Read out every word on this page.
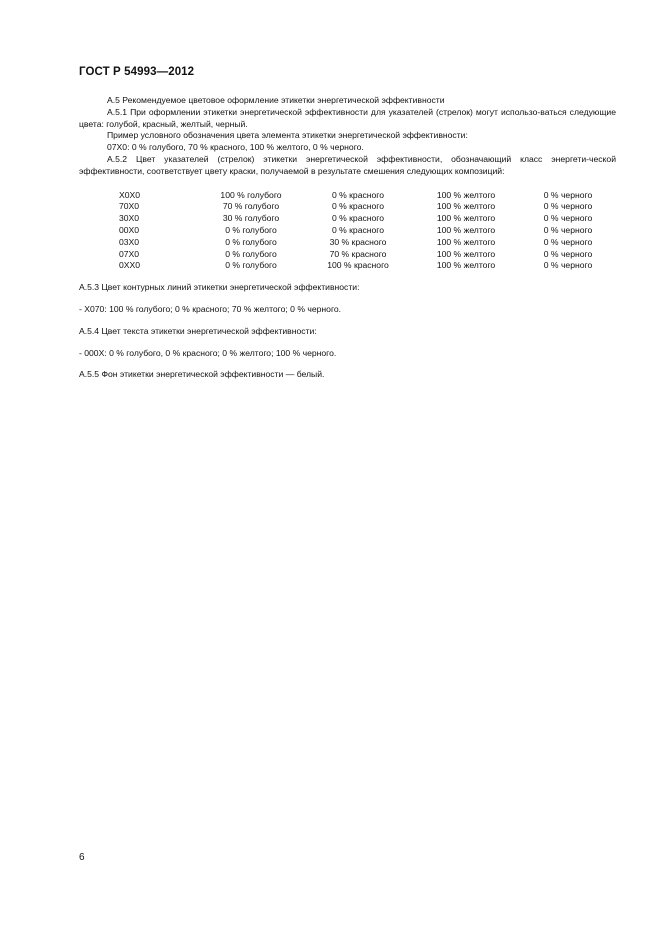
ГОСТ Р 54993—2012

А.5 Рекомендуемое цветовое оформление этикетки энергетической эффективности

А.5.1 При оформлении этикетки энергетической эффективности для указателей (стрелок) могут использо-ваться следующие цвета: голубой, красный, желтый, черный.

Пример условного обозначения цвета элемента этикетки энергетической эффективности:

07Х0: 0 % голубого, 70 % красного, 100 % желтого, 0 % черного.

А.5.2 Цвет указателей (стрелок) этикетки энергетической эффективности, обозначающий класс энергети-ческой эффективности, соответствует цвету краски, получаемой в результате смешения следующих композиций:

Х0Х0	100 % голубого	0 % красного	100 % желтого	0 % черного
70Х0	70 % голубого	0 % красного	100 % желтого	0 % черного
30Х0	30 % голубого	0 % красного	100 % желтого	0 % черного
00Х0	0 % голубого	0 % красного	100 % желтого	0 % черного
03Х0	0 % голубого	30 % красного	100 % желтого	0 % черного
07Х0	0 % голубого	70 % красного	100 % желтого	0 % черного
0ХХ0	0 % голубого	100 % красного	100 % желтого	0 % черного

А.5.3 Цвет контурных линий этикетки энергетической эффективности:

- Х070: 100 % голубого; 0 % красного; 70 % желтого; 0 % черного.

А.5.4 Цвет текста этикетки энергетической эффективности:

- 000Х: 0 % голубого, 0 % красного; 0 % желтого; 100 % черного.

А.5.5 Фон этикетки энергетической эффективности — белый.

6
